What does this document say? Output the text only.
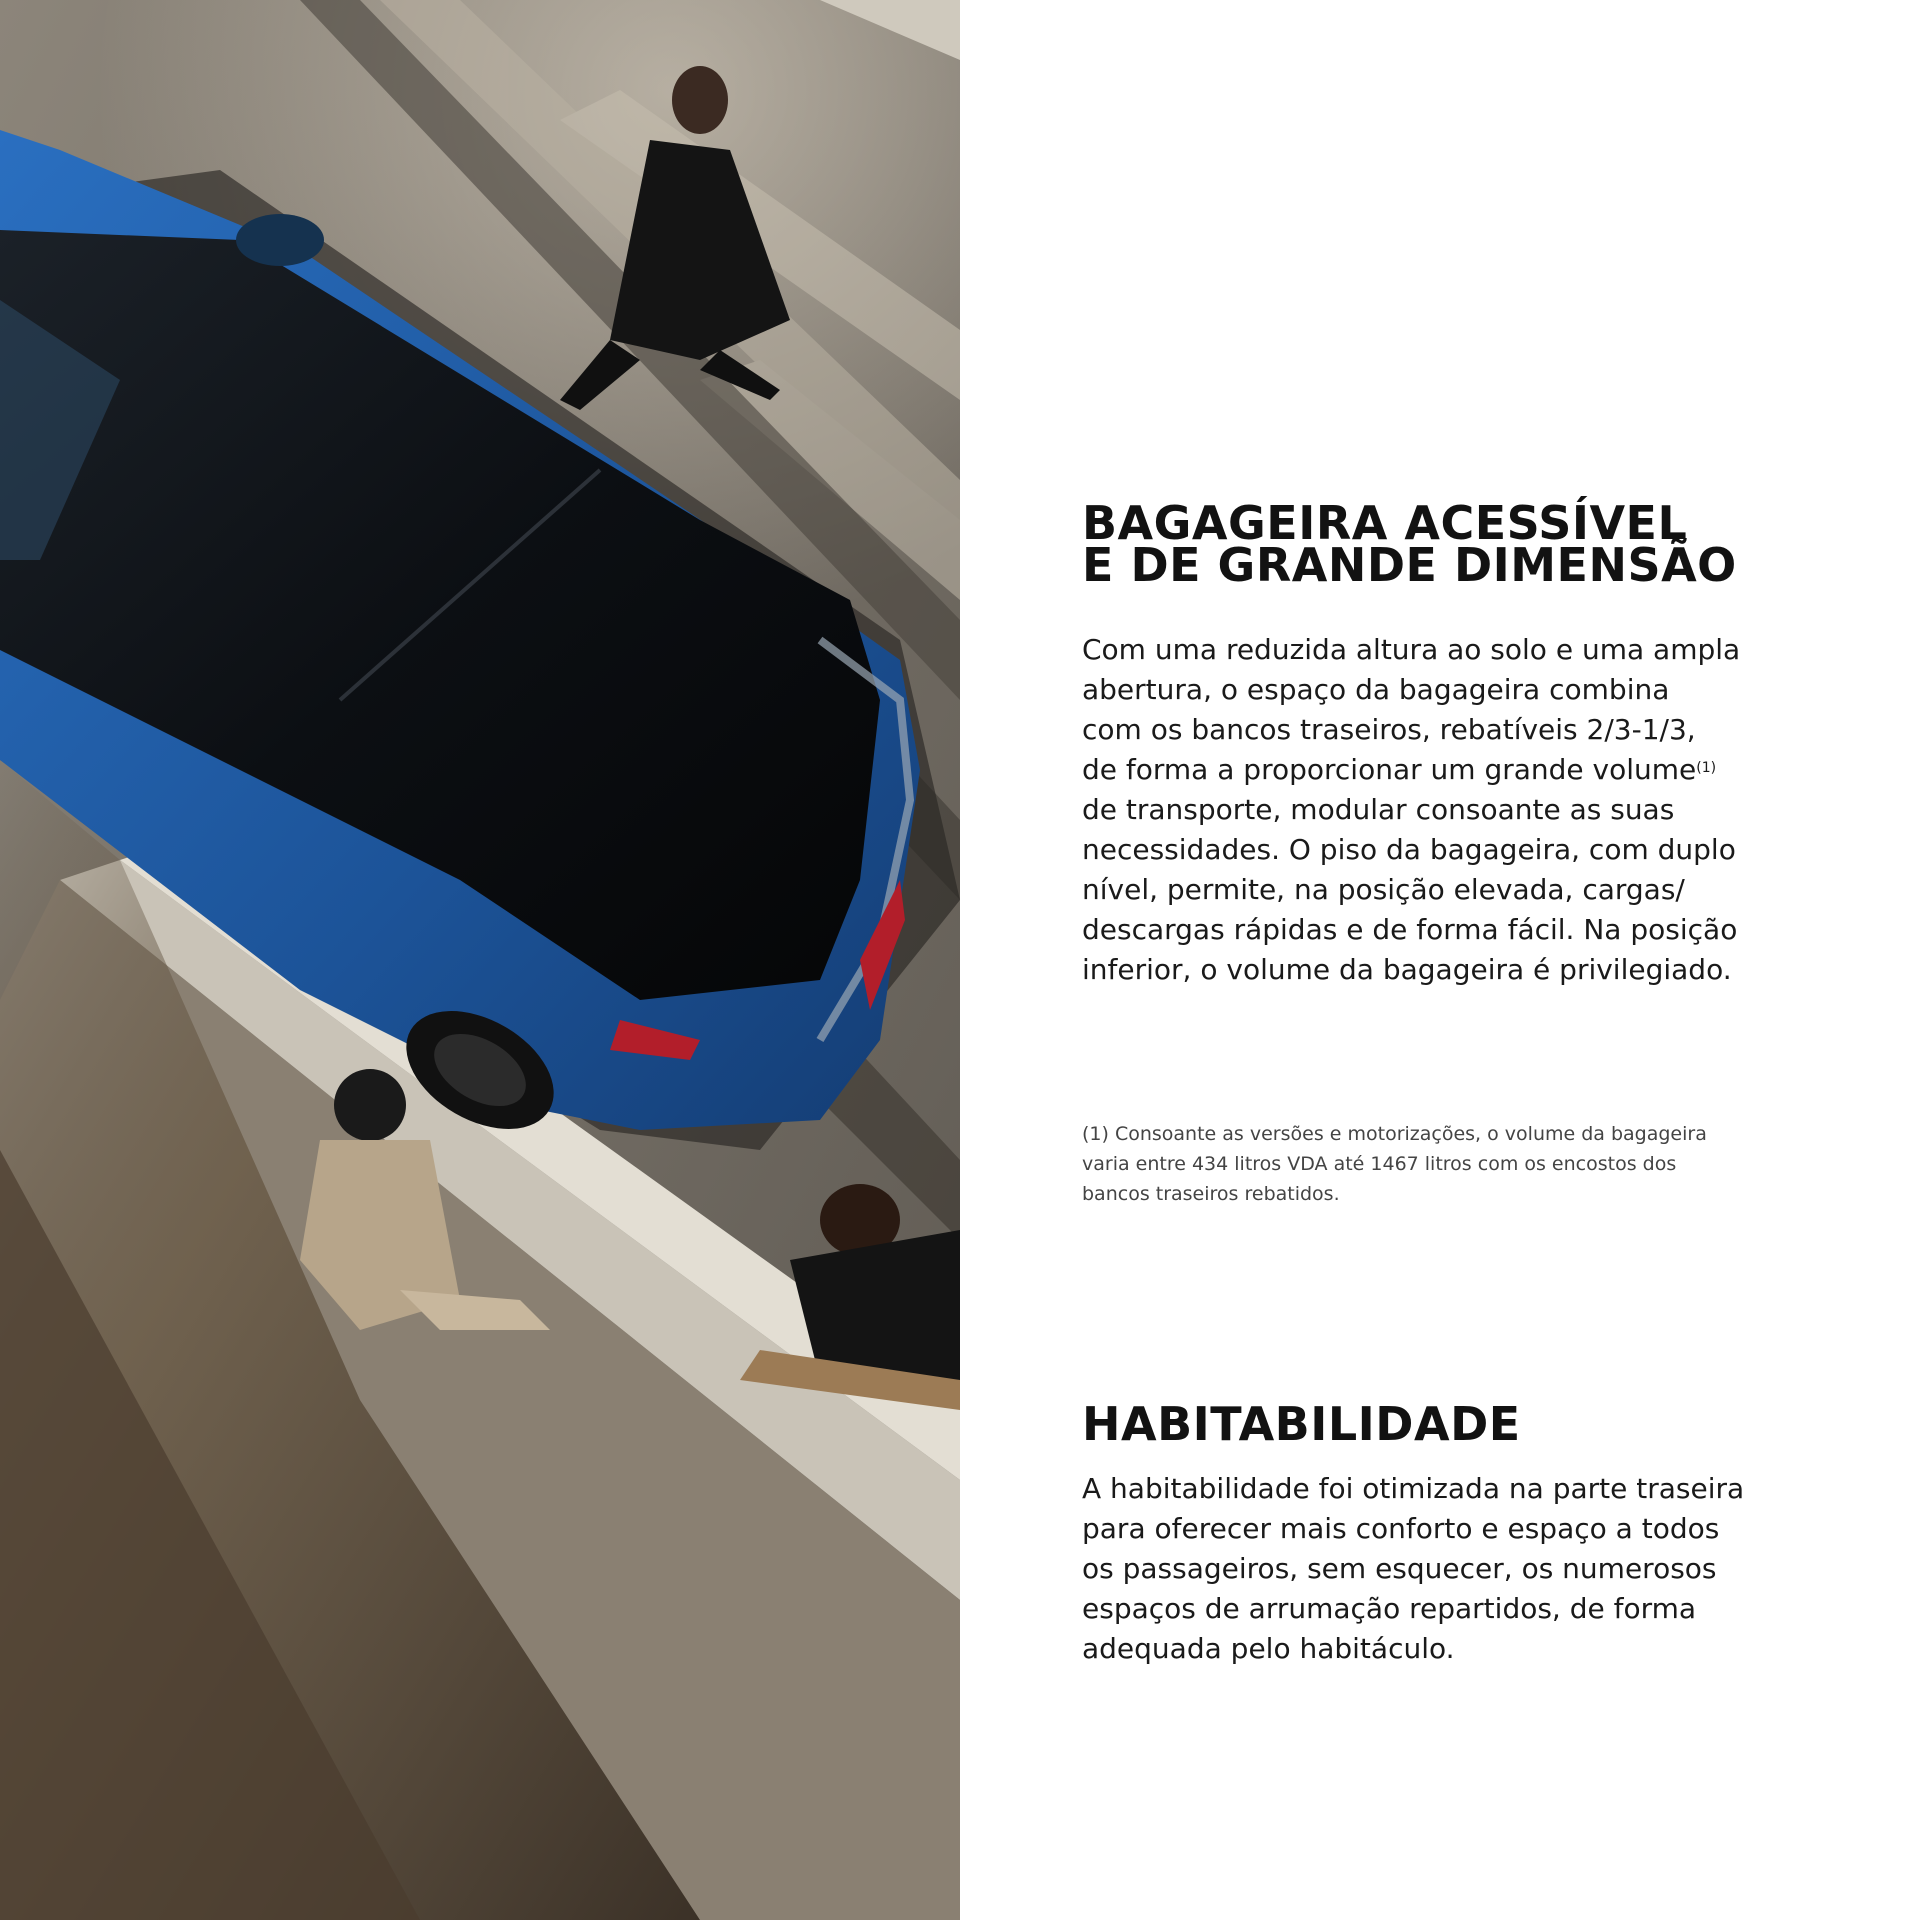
BAGAGEIRA ACESSÍVEL
E DE GRANDE DIMENSÃO
Com uma reduzida altura ao solo e uma ampla
abertura, o espaço da bagageira combina
com os bancos traseiros, rebatíveis 2/3-1/3,
de forma a proporcionar um grande volume$^{(1)}$
de transporte, modular consoante as suas
necessidades. O piso da bagageira, com duplo
nível, permite, na posição elevada, cargas/
descargas rápidas e de forma fácil. Na posição
inferior, o volume da bagageira é privilegiado.
(1) Consoante as versões e motorizações, o volume da bagageira
varia entre 434 litros VDA até 1467 litros com os encostos dos
bancos traseiros rebatidos.
HABITABILIDADE
A habitabilidade foi otimizada na parte traseira
para oferecer mais conforto e espaço a todos
os passageiros, sem esquecer, os numerosos
espaços de arrumação repartidos, de forma
adequada pelo habitáculo.
